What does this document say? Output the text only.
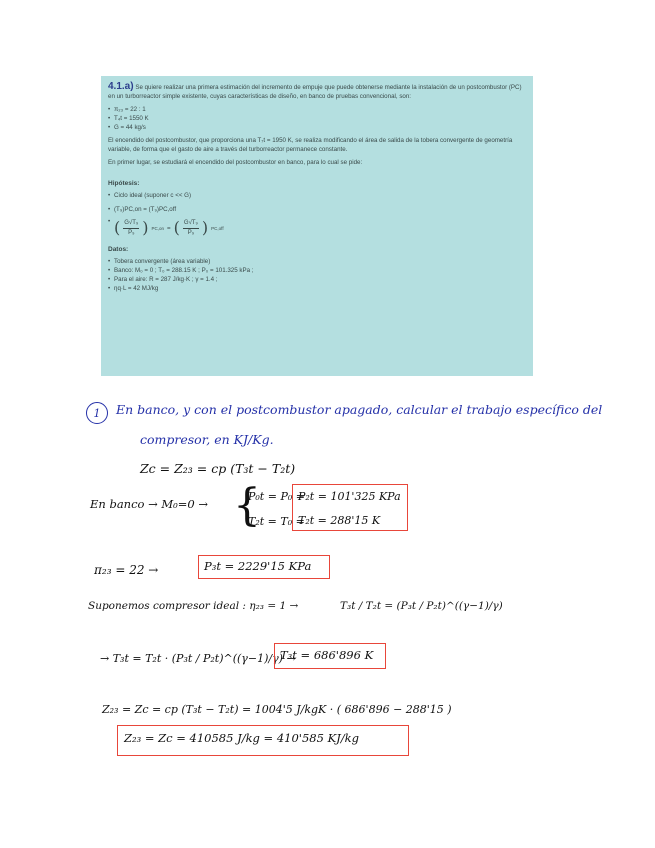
4.1.a) Se quiere realizar una primera estimación del incremento de empuje que puede obtenerse mediante la instalación de un postcombustor (PC) en un turborreactor simple existente, cuyas características de diseño, en banco de pruebas convencional, son:

• π₂₃ = 22 : 1
• T₄t = 1550 K
• G = 44 kg/s

El encendido del postcombustor, que proporciona una T₇t = 1950 K, se realiza modificando el área de salida de la tobera convergente de geometría variable, de forma que el gasto de aire a través del turborreactor permanece constante.

En primer lugar, se estudiará el encendido del postcombustor en banco, para lo cual se pide:

Hipótesis:
• Ciclo ideal (suponer c << G)
• (T₉)PC,on = (T₉)PC,off
• ( $\frac{\text{G√T₉}}{\text{P₉}}$ ) PC,on = ( $\frac{\text{G√T₉}}{\text{P₉}}$ ) PC,off
Datos:
• Tobera convergente (área variable)
• Banco: M₀ = 0 ; T₀ = 288.15 K ; P₀ = 101.325 kPa ;
• Para el aire: R = 287 J/kg·K ; γ = 1.4 ;
• ηq·L = 42 MJ/kg
1	En banco, y con el postcombustor apagado, calcular el trabajo específico del
compresor, en KJ/Kg.
Zc = Z₂₃ = cp (T₃t − T₂t)
En banco → M₀=0 → {
P₀t = P₀ =
T₂t = T₀ =
P₂t = 101'325 KPa
T₂t = 288'15 K
π₂₃ = 22 →	P₃t = 2229'15 KPa
Suponemos compresor ideal : η₂₃ = 1 →	T₃t / T₂t = (P₃t / P₂t)^((γ−1)/γ)
→ T₃t = T₂t · (P₃t / P₂t)^((γ−1)/γ) →
T₃t = 686'896 K
Z₂₃ = Zc = cp (T₃t − T₂t) = 1004'5 J/kgK · ( 686'896 − 288'15 )
Z₂₃ = Zc = 410585 J/kg = 410'585 KJ/kg
